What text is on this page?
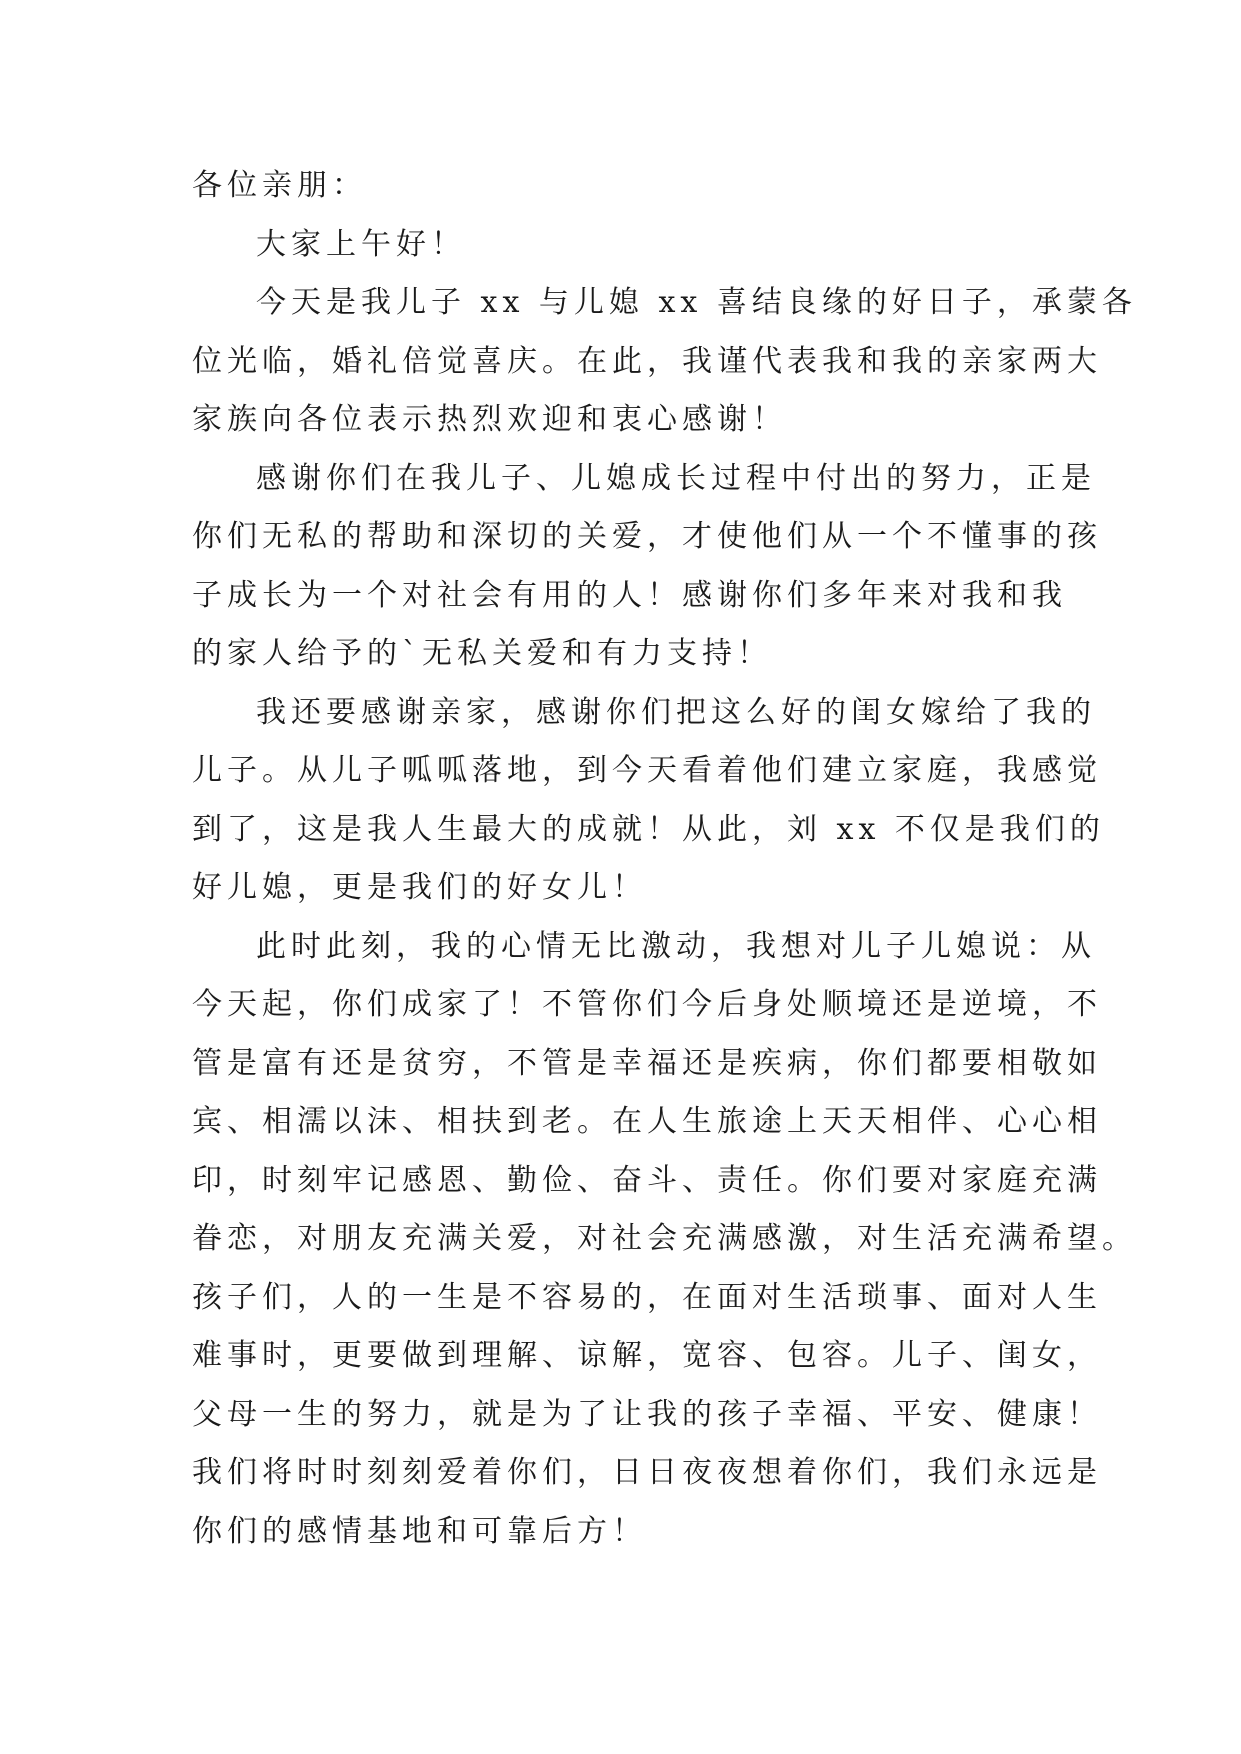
各位亲朋：

大家上午好！

今天是我儿子 xx 与儿媳 xx 喜结良缘的好日子，承蒙各
位光临，婚礼倍觉喜庆。在此，我谨代表我和我的亲家两大
家族向各位表示热烈欢迎和衷心感谢！

感谢你们在我儿子、儿媳成长过程中付出的努力，正是
你们无私的帮助和深切的关爱，才使他们从一个不懂事的孩
子成长为一个对社会有用的人！感谢你们多年来对我和我
的家人给予的`无私关爱和有力支持！

我还要感谢亲家，感谢你们把这么好的闺女嫁给了我的
儿子。从儿子呱呱落地，到今天看着他们建立家庭，我感觉
到了，这是我人生最大的成就！从此，刘 xx 不仅是我们的
好儿媳，更是我们的好女儿！

此时此刻，我的心情无比激动，我想对儿子儿媳说：从
今天起，你们成家了！不管你们今后身处顺境还是逆境，不
管是富有还是贫穷，不管是幸福还是疾病，你们都要相敬如
宾、相濡以沫、相扶到老。在人生旅途上天天相伴、心心相
印，时刻牢记感恩、勤俭、奋斗、责任。你们要对家庭充满
眷恋，对朋友充满关爱，对社会充满感激，对生活充满希望。
孩子们，人的一生是不容易的，在面对生活琐事、面对人生
难事时，更要做到理解、谅解，宽容、包容。儿子、闺女，
父母一生的努力，就是为了让我的孩子幸福、平安、健康！
我们将时时刻刻爱着你们，日日夜夜想着你们，我们永远是
你们的感情基地和可靠后方！
